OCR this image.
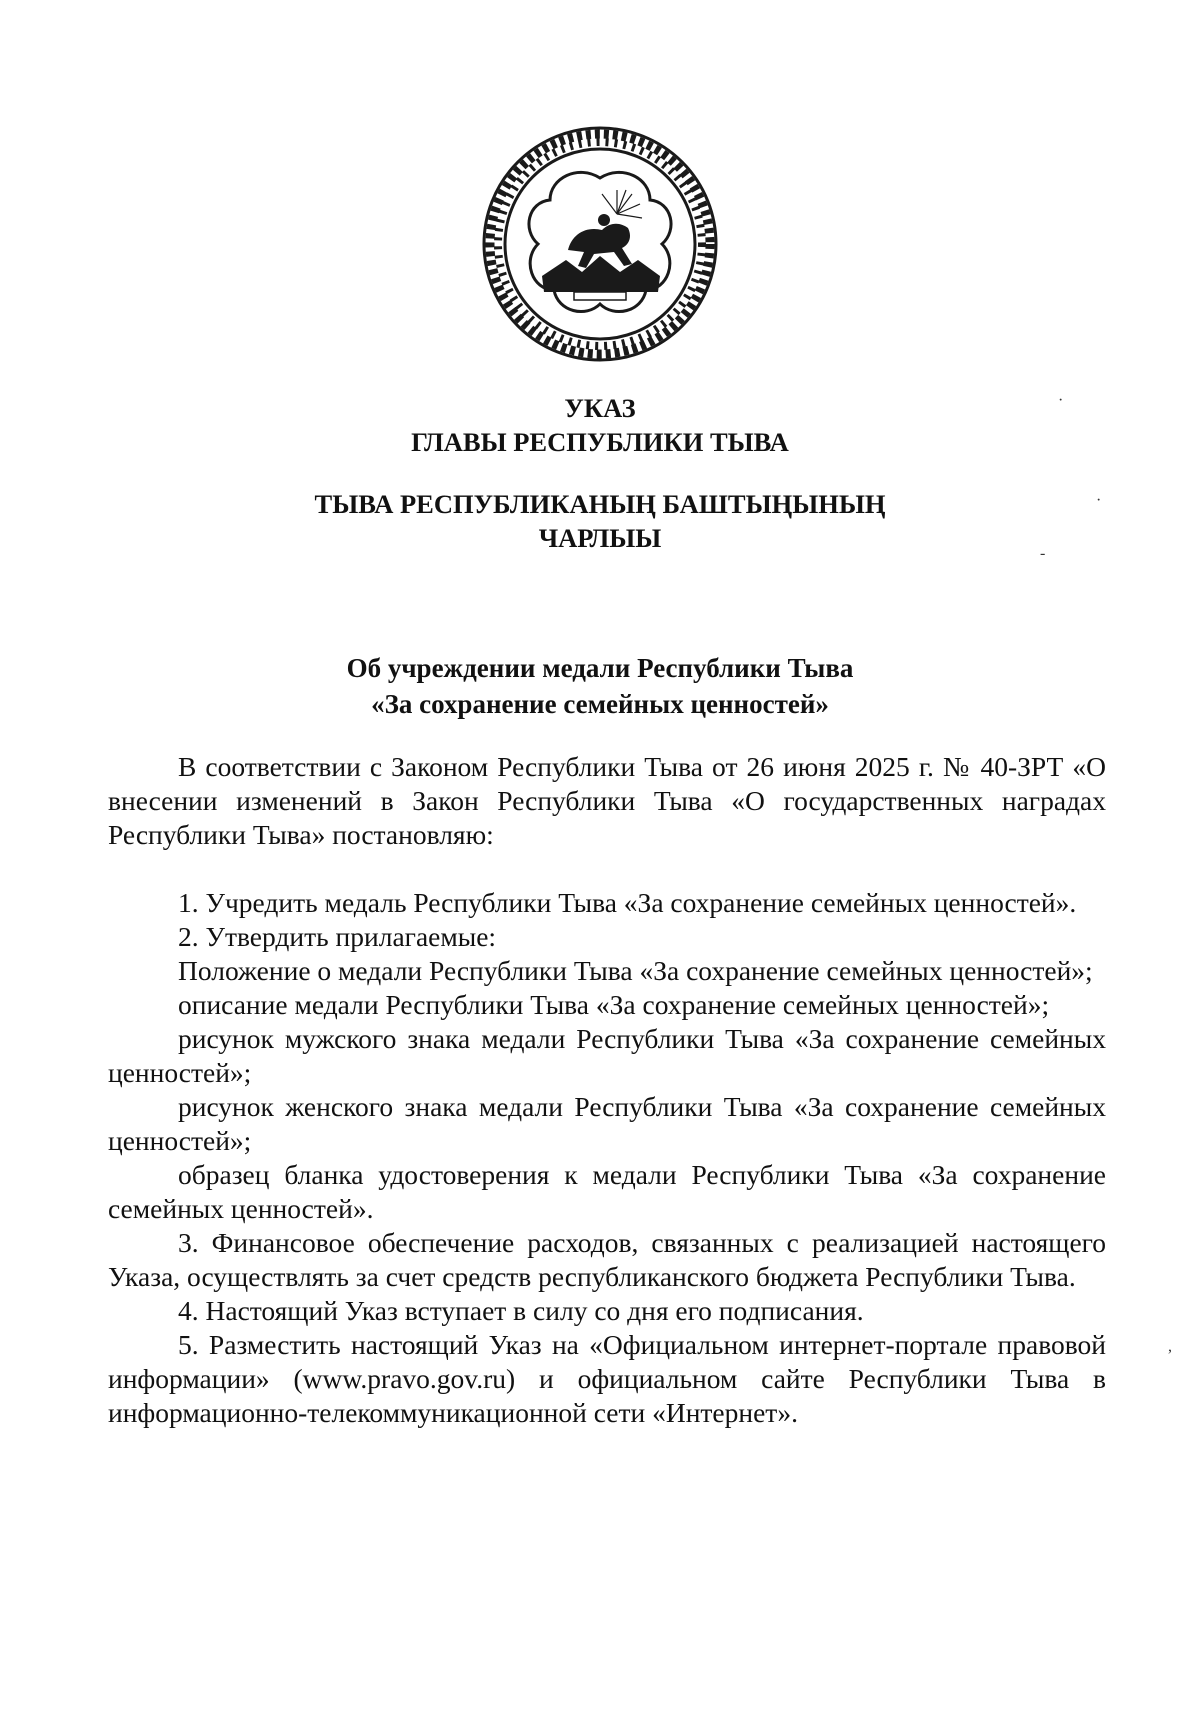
УКАЗ
ГЛАВЫ РЕСПУБЛИКИ ТЫВА
ТЫВА РЕСПУБЛИКАНЫҢ БАШТЫҢЫНЫҢ
ЧАРЛЫЫ
Об учреждении медали Республики Тыва
«За сохранение семейных ценностей»

В соответствии с Законом Республики Тыва от 26 июня 2025 г. № 40-ЗРТ «О внесении изменений в Закон Республики Тыва «О государственных наградах Республики Тыва» постановляю:

1. Учредить медаль Республики Тыва «За сохранение семейных ценностей».

2. Утвердить прилагаемые:

Положение о медали Республики Тыва «За сохранение семейных ценностей»;

описание медали Республики Тыва «За сохранение семейных ценностей»;

рисунок мужского знака медали Республики Тыва «За сохранение семейных ценностей»;

рисунок женского знака медали Республики Тыва «За сохранение семейных ценностей»;

образец бланка удостоверения к медали Республики Тыва «За сохранение семейных ценностей».

3. Финансовое обеспечение расходов, связанных с реализацией настоящего Указа, осуществлять за счет средств республиканского бюджета Республики Тыва.

4. Настоящий Указ вступает в силу со дня его подписания.

5. Разместить настоящий Указ на «Официальном интернет-портале правовой информации» (www.pravo.gov.ru) и официальном сайте Республики Тыва в информационно-телекоммуникационной сети «Интернет».

·
·
-
,
